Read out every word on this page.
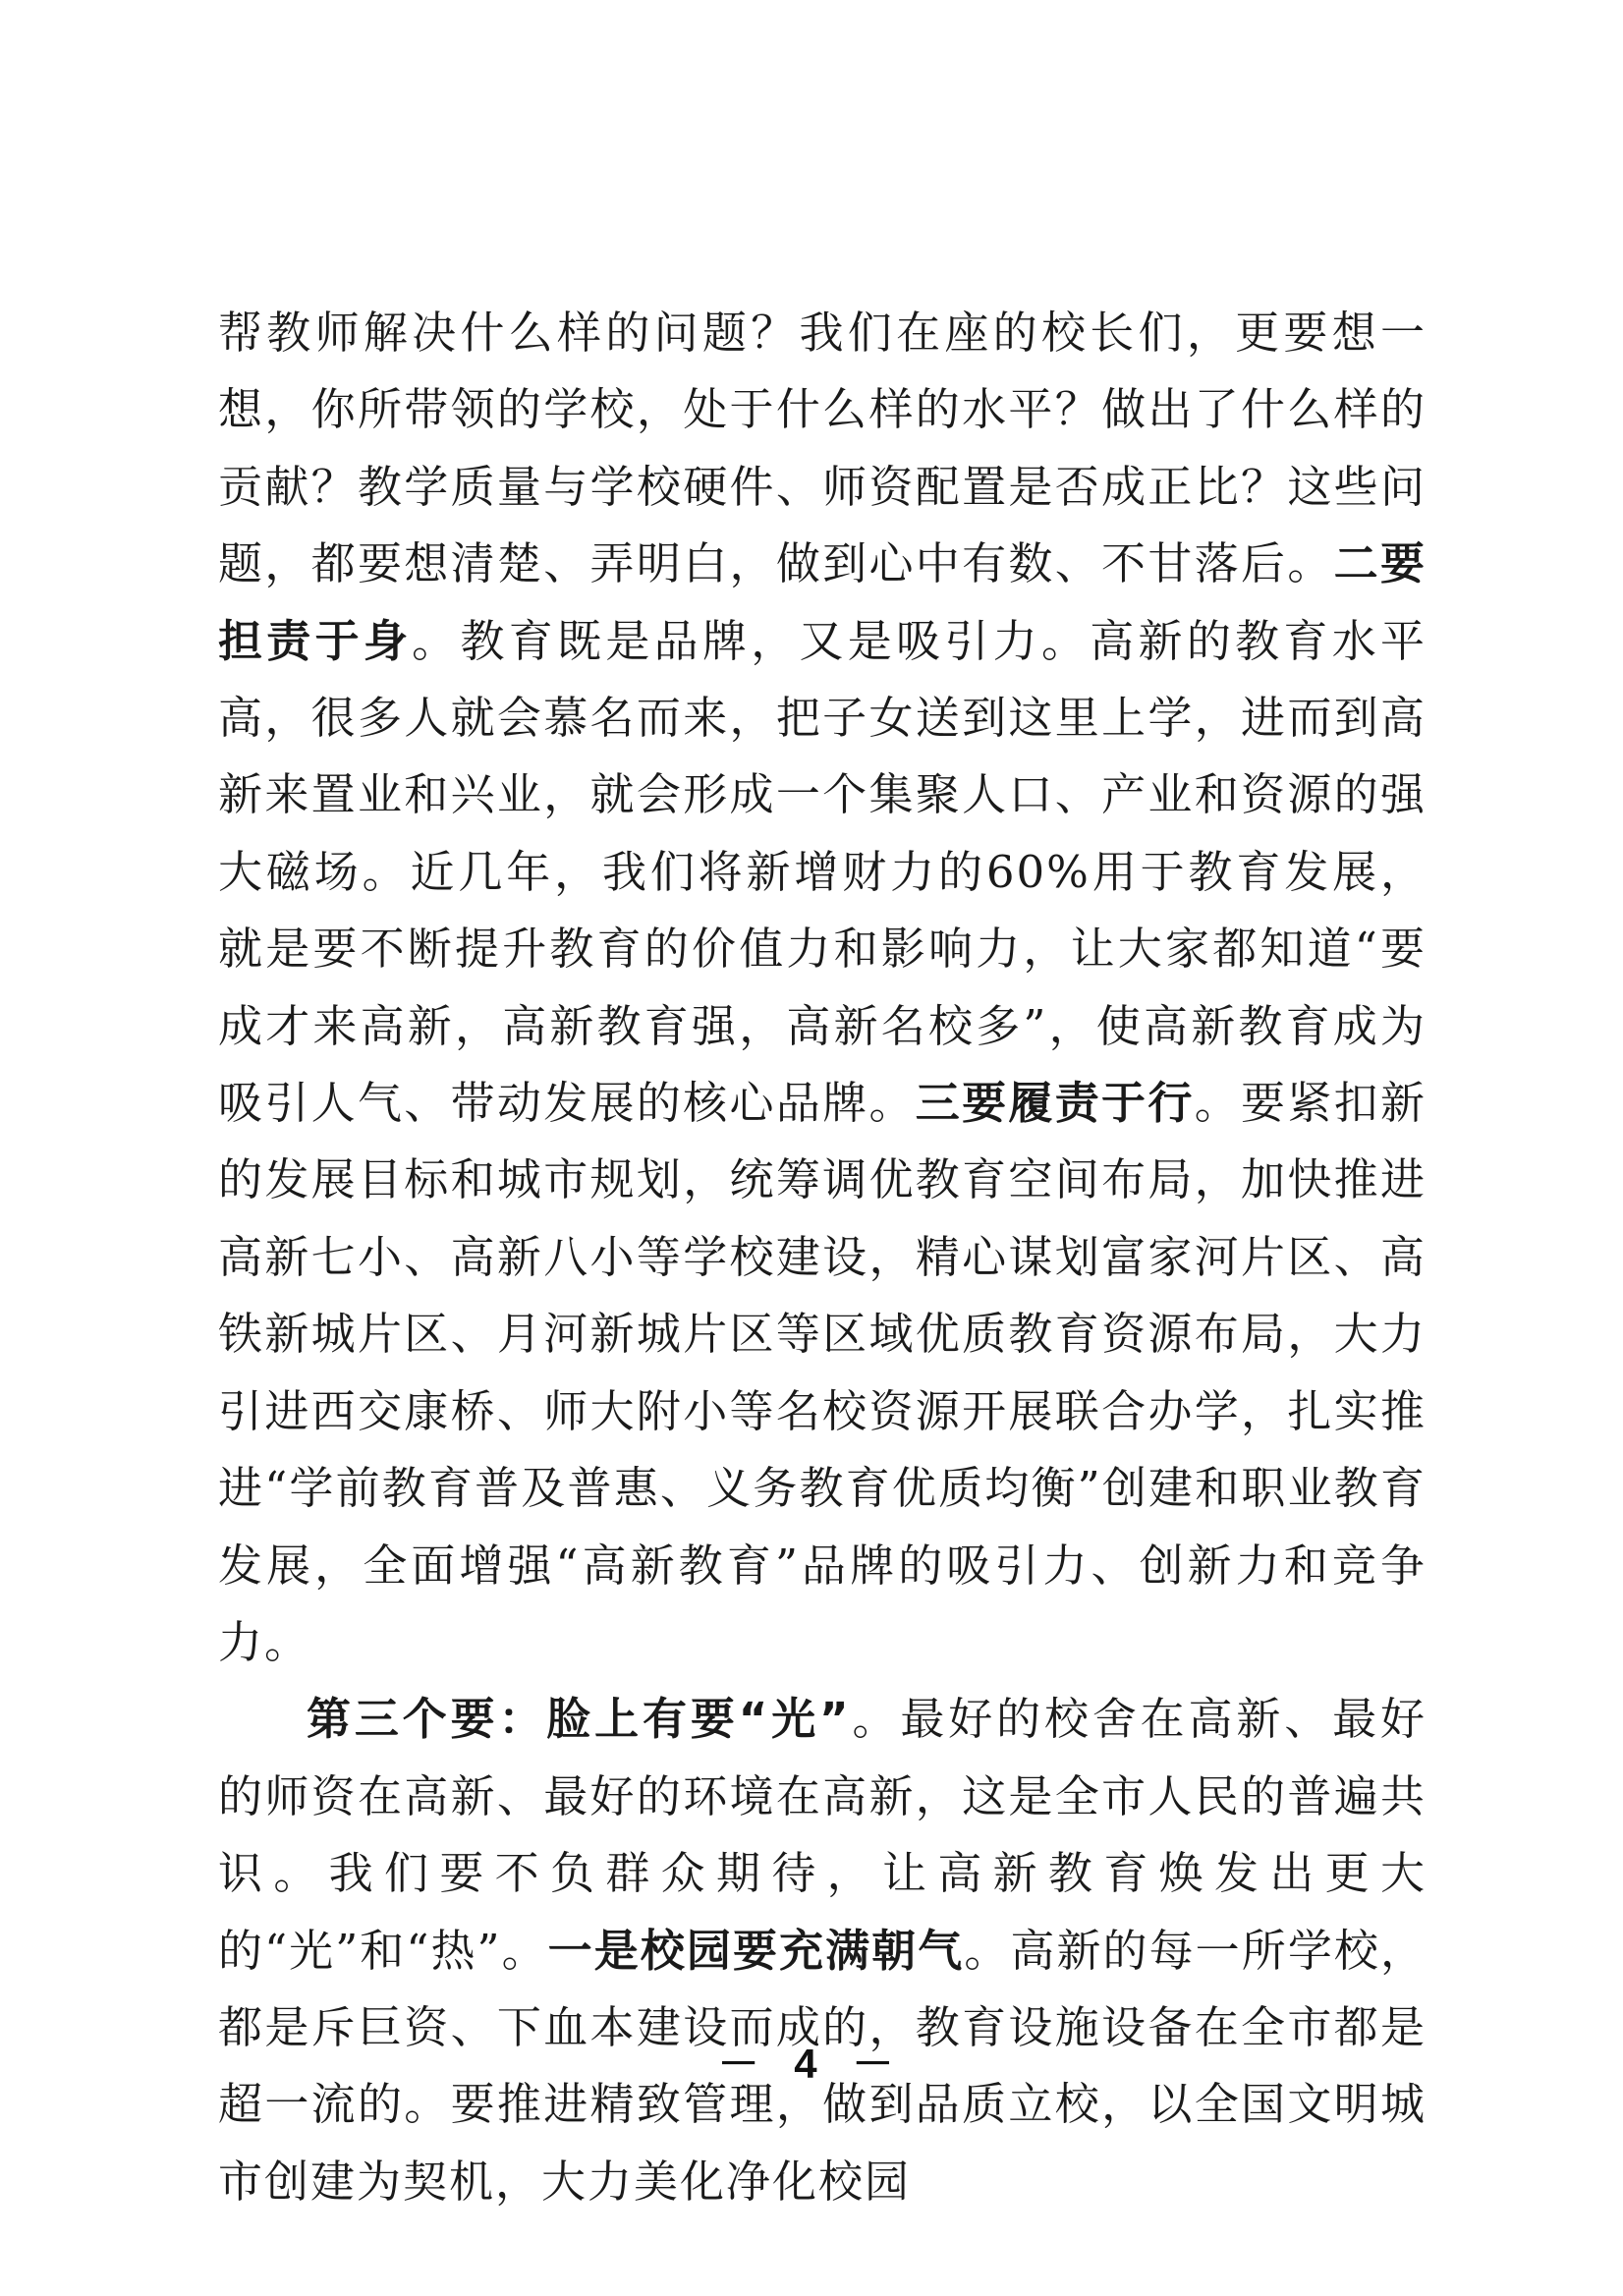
帮教师解决什么样的问题？我们在座的校长们，更要想一想，你所带领的学校，处于什么样的水平？做出了什么样的贡献？教学质量与学校硬件、师资配置是否成正比？这些问题，都要想清楚、弄明白，做到心中有数、不甘落后。二要担责于身。教育既是品牌，又是吸引力。高新的教育水平高，很多人就会慕名而来，把子女送到这里上学，进而到高新来置业和兴业，就会形成一个集聚人口、产业和资源的强大磁场。近几年，我们将新增财力的60%用于教育发展，就是要不断提升教育的价值力和影响力，让大家都知道“要成才来高新，高新教育强，高新名校多”，使高新教育成为吸引人气、带动发展的核心品牌。三要履责于行。要紧扣新的发展目标和城市规划，统筹调优教育空间布局，加快推进高新七小、高新八小等学校建设，精心谋划富家河片区、高铁新城片区、月河新城片区等区域优质教育资源布局，大力引进西交康桥、师大附小等名校资源开展联合办学，扎实推进“学前教育普及普惠、义务教育优质均衡”创建和职业教育发展，全面增强“高新教育”品牌的吸引力、创新力和竞争力。

第三个要：脸上有要“光”。最好的校舍在高新、最好的师资在高新、最好的环境在高新，这是全市人民的普遍共识。我们要不负群众期待，让高新教育焕发出更大的“光”和“热”。一是校园要充满朝气。高新的每一所学校，都是斥巨资、下血本建设而成的，教育设施设备在全市都是超一流的。要推进精致管理，做到品质立校，以全国文明城市创建为契机，大力美化净化校园

－ 4 －
